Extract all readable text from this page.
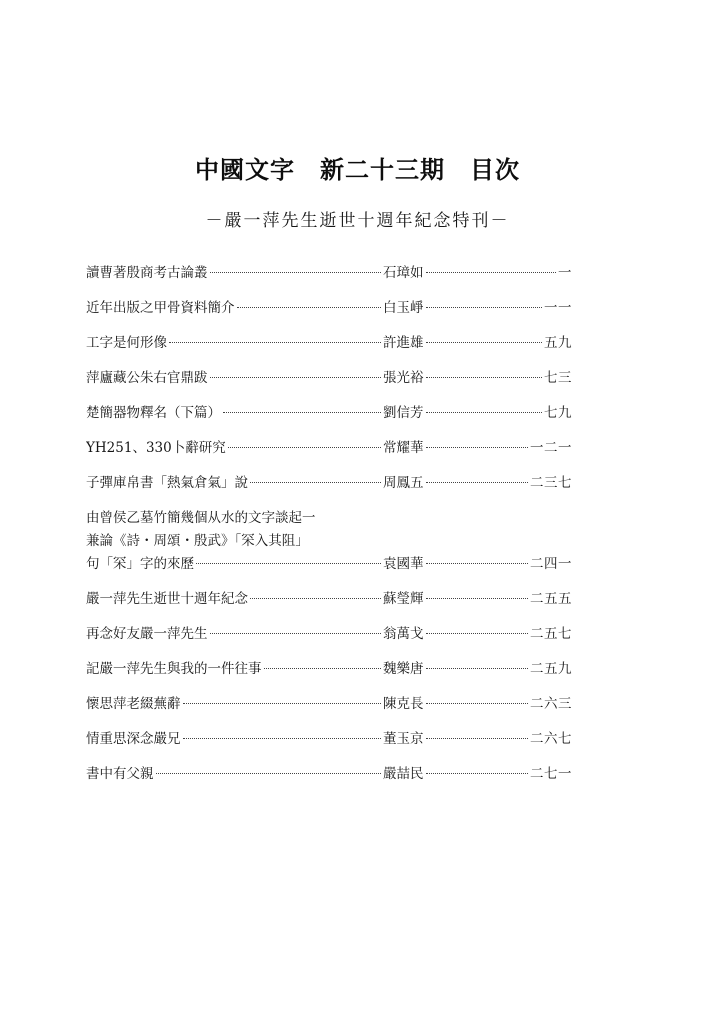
中國文字　新二十三期　目次
－嚴一萍先生逝世十週年紀念特刊－
讀曹著殷商考古論叢	石璋如	一
近年出版之甲骨資料簡介	白玉崢	一一
工字是何形像	許進雄	五九
萍廬藏公朱右官鼎跋	張光裕	七三
楚簡器物釋名（下篇）	劉信芳	七九
YH251、330卜辭研究	常耀華	一二一
子彈庫帛書「熱氣倉氣」說	周鳳五	二三七
由曾侯乙墓竹簡幾個从水的文字談起一
兼論《詩・周頌・殷武》「罙入其阻」
句「罙」字的來歷	袁國華	二四一
嚴一萍先生逝世十週年紀念	蘇瑩輝	二五五
再念好友嚴一萍先生	翁萬戈	二五七
記嚴一萍先生與我的一件往事	魏樂唐	二五九
懷思萍老綴蕪辭	陳克長	二六三
情重思深念嚴兄	董玉京	二六七
書中有父親	嚴喆民	二七一
